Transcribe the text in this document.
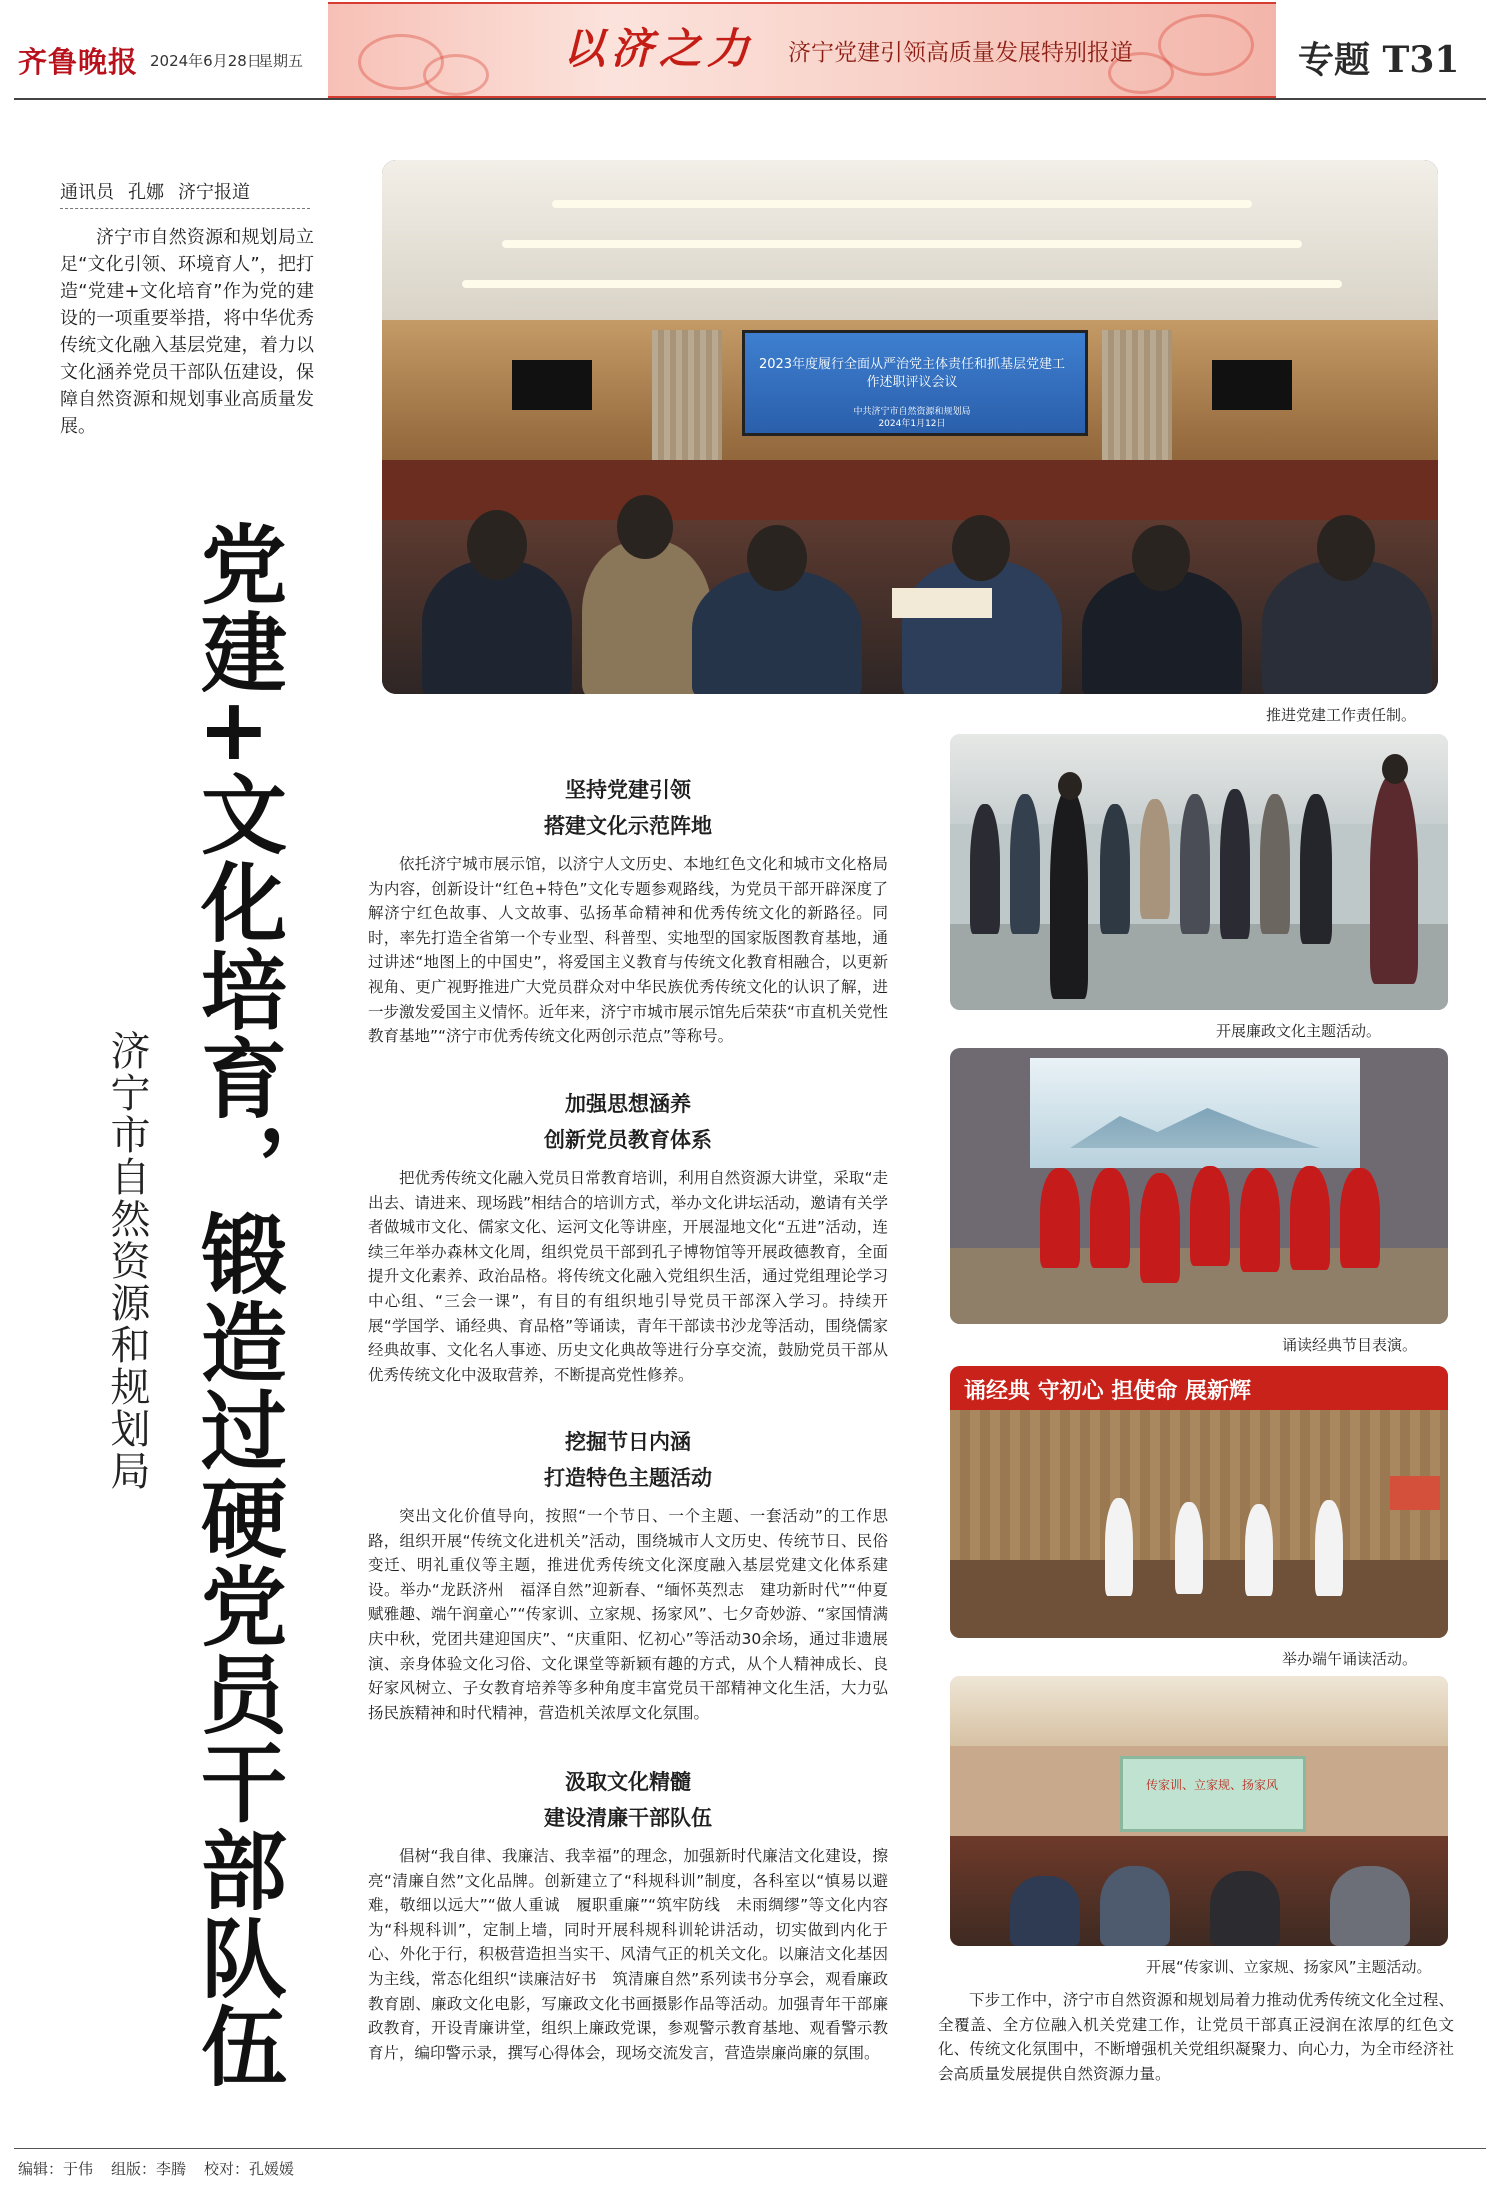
齐鲁晚报 2024年6月28日
星期五	以济之力 济宁党建引领高质量发展特别报道	专题 T31
通讯员 孔娜 济宁报道
济宁市自然资源和规划局立足“文化引领、环境育人”，把打造“党建+文化培育”作为党的建设的一项重要举措，将中华优秀传统文化融入基层党建，着力以文化涵养党员干部队伍建设，保障自然资源和规划事业高质量发展。
党建+文化培育，锻造过硬党员干部队伍
济宁市自然资源和规划局
2023年度履行全面从严治党主体责任和抓基层党建工作述职评议会议
中共济宁市自然资源和规划局
2024年1月12日
推进党建工作责任制。
开展廉政文化主题活动。
诵读经典节目表演。
诵经典 守初心 担使命 展新辉
举办端午诵读活动。
传家训、立家规、扬家风
开展“传家训、立家规、扬家风”主题活动。
坚持党建引领
搭建文化示范阵地
依托济宁城市展示馆，以济宁人文历史、本地红色文化和城市文化格局为内容，创新设计“红色+特色”文化专题参观路线，为党员干部开辟深度了解济宁红色故事、人文故事、弘扬革命精神和优秀传统文化的新路径。同时，率先打造全省第一个专业型、科普型、实地型的国家版图教育基地，通过讲述“地图上的中国史”，将爱国主义教育与传统文化教育相融合，以更新视角、更广视野推进广大党员群众对中华民族优秀传统文化的认识了解，进一步激发爱国主义情怀。近年来，济宁市城市展示馆先后荣获“市直机关党性教育基地”“济宁市优秀传统文化两创示范点”等称号。
加强思想涵养
创新党员教育体系
把优秀传统文化融入党员日常教育培训，利用自然资源大讲堂，采取“走出去、请进来、现场践”相结合的培训方式，举办文化讲坛活动，邀请有关学者做城市文化、儒家文化、运河文化等讲座，开展湿地文化“五进”活动，连续三年举办森林文化周，组织党员干部到孔子博物馆等开展政德教育，全面提升文化素养、政治品格。将传统文化融入党组织生活，通过党组理论学习中心组、“三会一课”，有目的有组织地引导党员干部深入学习。持续开展“学国学、诵经典、育品格”等诵读，青年干部读书沙龙等活动，围绕儒家经典故事、文化名人事迹、历史文化典故等进行分享交流，鼓励党员干部从优秀传统文化中汲取营养，不断提高党性修养。
挖掘节日内涵
打造特色主题活动
突出文化价值导向，按照“一个节日、一个主题、一套活动”的工作思路，组织开展“传统文化进机关”活动，围绕城市人文历史、传统节日、民俗变迁、明礼重仪等主题，推进优秀传统文化深度融入基层党建文化体系建设。举办“龙跃济州　福泽自然”迎新春、“缅怀英烈志　建功新时代”“仲夏赋雅趣、端午润童心”“传家训、立家规、扬家风”、七夕奇妙游、“家国情满庆中秋，党团共建迎国庆”、“庆重阳、忆初心”等活动30余场，通过非遗展演、亲身体验文化习俗、文化课堂等新颖有趣的方式，从个人精神成长、良好家风树立、子女教育培养等多种角度丰富党员干部精神文化生活，大力弘扬民族精神和时代精神，营造机关浓厚文化氛围。
汲取文化精髓
建设清廉干部队伍
倡树“我自律、我廉洁、我幸福”的理念，加强新时代廉洁文化建设，擦亮“清廉自然”文化品牌。创新建立了“科规科训”制度，各科室以“慎易以避难，敬细以远大”“做人重诚　履职重廉”“筑牢防线　未雨绸缪”等文化内容为“科规科训”，定制上墙，同时开展科规科训轮讲活动，切实做到内化于心、外化于行，积极营造担当实干、风清气正的机关文化。以廉洁文化基因为主线，常态化组织“读廉洁好书　筑清廉自然”系列读书分享会，观看廉政教育剧、廉政文化电影，写廉政文化书画摄影作品等活动。加强青年干部廉政教育，开设青廉讲堂，组织上廉政党课，参观警示教育基地、观看警示教育片，编印警示录，撰写心得体会，现场交流发言，营造崇廉尚廉的氛围。
下步工作中，济宁市自然资源和规划局着力推动优秀传统文化全过程、全覆盖、全方位融入机关党建工作，让党员干部真正浸润在浓厚的红色文化、传统文化氛围中，不断增强机关党组织凝聚力、向心力，为全市经济社会高质量发展提供自然资源力量。
编辑：于伟 组版：李腾 校对：孔媛媛
